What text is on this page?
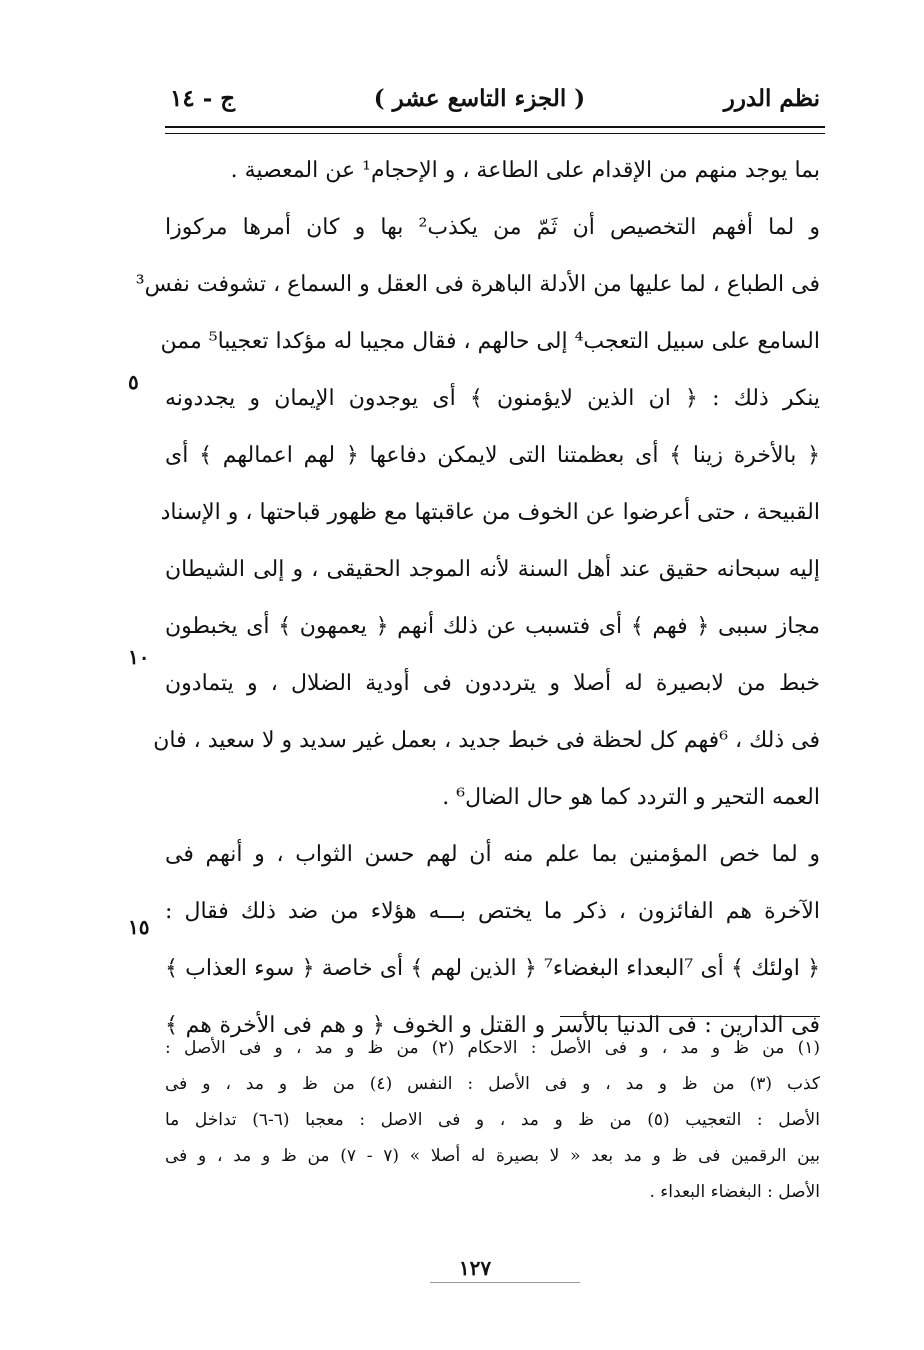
نظم الدرر
( الجزء التاسع عشر )
ج - ١٤
بما يوجد منهم من الإقدام على الطاعة ، و الإحجام¹ عن المعصية .
و لما أفهم التخصيص أن ثَمّ من يكذب² بها و كان أمرها مركوزا
فى الطباع ، لما عليها من الأدلة الباهرة فى العقل و السماع ، تشوفت نفس³
السامع على سبيل التعجب⁴ إلى حالهم ، فقال مجيبا له مؤكدا تعجيبا⁵ ممن
ينكر ذلك : ﴿ ان الذين لايؤمنون ﴾ أى يوجدون الإيمان و يجددونه
﴿ بالأخرة زينا ﴾ أى بعظمتنا التى لايمكن دفاعها ﴿ لهم اعمالهم ﴾ أى
القبيحة ، حتى أعرضوا عن الخوف من عاقبتها مع ظهور قباحتها ، و الإسناد
إليه سبحانه حقيق عند أهل السنة لأنه الموجد الحقيقى ، و إلى الشيطان
مجاز سببى ﴿ فهم ﴾ أى فتسبب عن ذلك أنهم ﴿ يعمهون ﴾ أى يخبطون
خبط من لابصيرة له أصلا و يترددون فى أودية الضلال ، و يتمادون
فى ذلك ، ⁶فهم كل لحظة فى خبط جديد ، بعمل غير سديد و لا سعيد ، فان
العمه التحير و التردد كما هو حال الضال⁶ .
و لما خص المؤمنين بما علم منه أن لهم حسن الثواب ، و أنهم فى
الآخرة هم الفائزون ، ذكر ما يختص بـــه هؤلاء من ضد ذلك فقال :
﴿ اولئك ﴾ أى ⁷البعداء البغضاء⁷ ﴿ الذين لهم ﴾ أى خاصة ﴿ سوء العذاب ﴾
فى الدارين : فى الدنيا بالأسر و القتل و الخوف ﴿ و هم فى الأخرة هم ﴾
٥
١٠
١٥
(١) من ظ و مد ، و فى الأصل : الاحكام (٢) من ظ و مد ، و فى الأصل :
كذب (٣) من ظ و مد ، و فى الأصل : النفس (٤) من ظ و مد ، و فى
الأصل : التعجيب (٥) من ظ و مد ، و فى الاصل : معجبا (٦-٦) تداخل ما
بين الرقمين فى ظ و مد بعد « لا بصيرة له أصلا » (٧ - ٧) من ظ و مد ، و فى
الأصل : البغضاء البعداء .
١٢٧
